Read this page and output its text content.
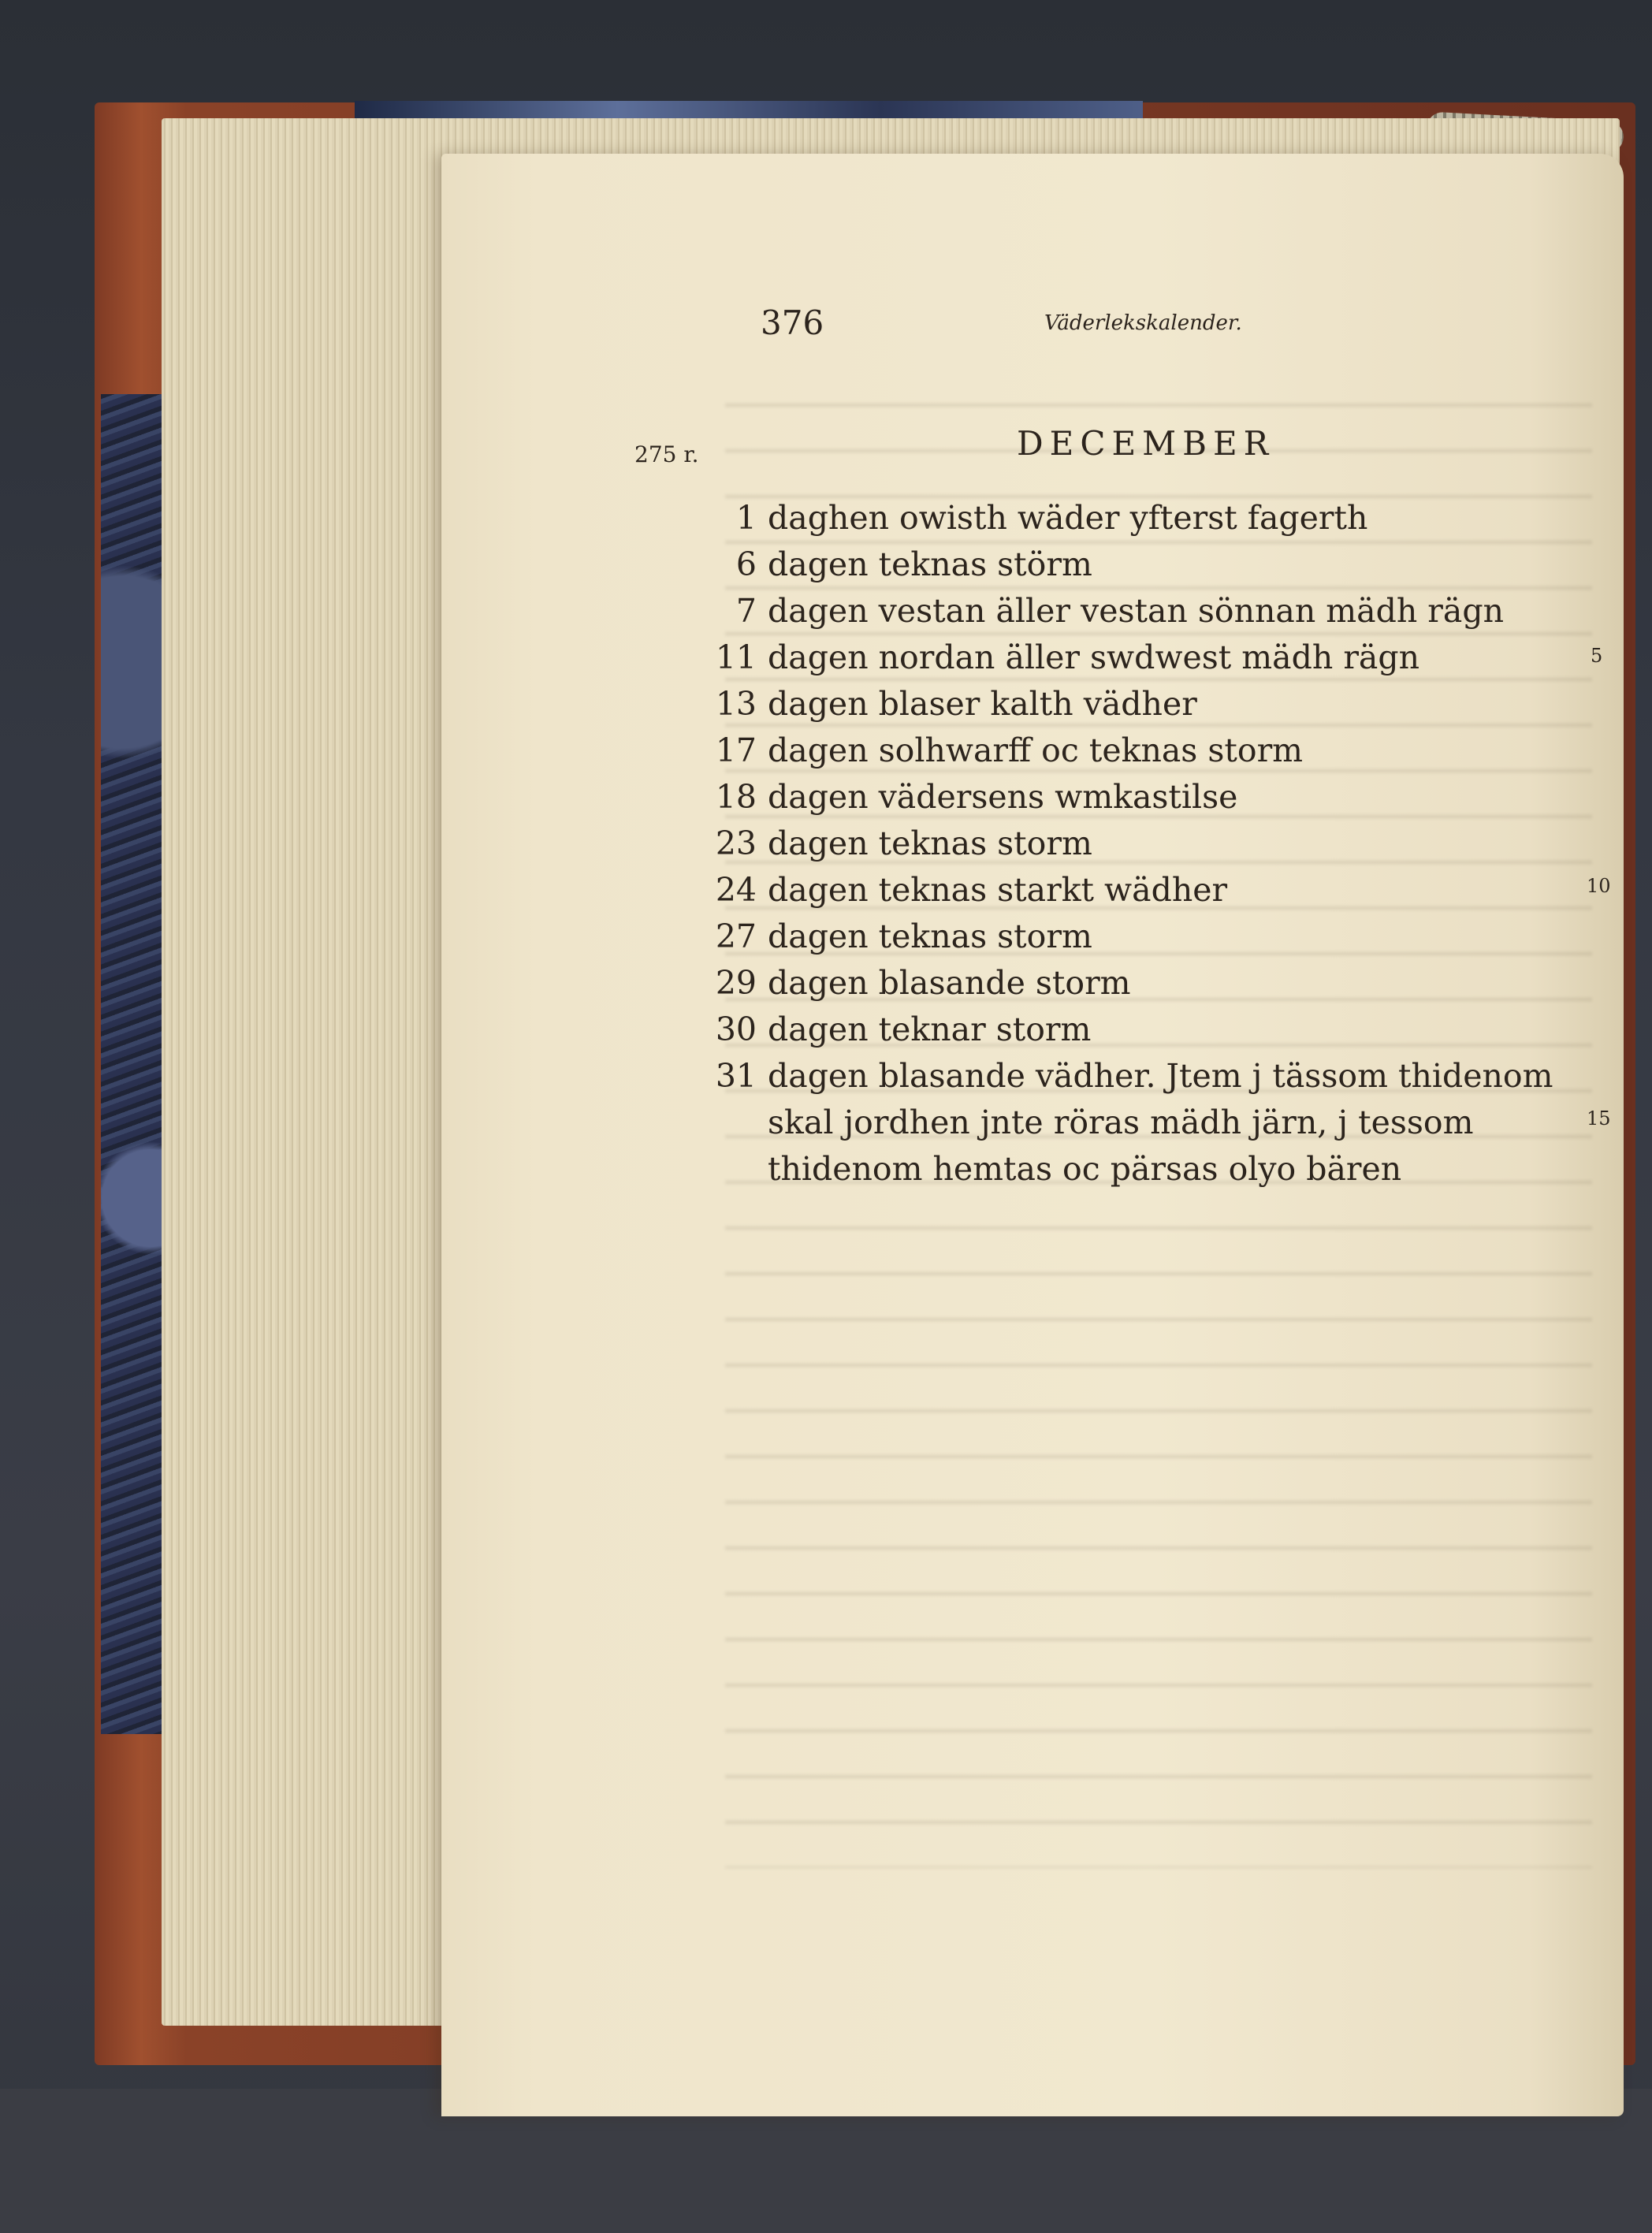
376	Väderlekskalender.
275 r.	DECEMBER
1 daghen owisth wäder yfterst fagerth
6 dagen teknas störm
7 dagen vestan äller vestan sönnan mädh rägn
11 dagen nordan äller swdwest mädh rägn
13 dagen blaser kalth vädher
17 dagen solhwarff oc teknas storm
18 dagen vädersens wmkastilse
23 dagen teknas storm
24 dagen teknas starkt wädher
27 dagen teknas storm
29 dagen blasande storm
30 dagen teknar storm
31 dagen blasande vädher. Jtem j tässom thidenom
skal jordhen jnte röras mädh järn, j tessom
thidenom hemtas oc pärsas olyo bären
5
10
15
